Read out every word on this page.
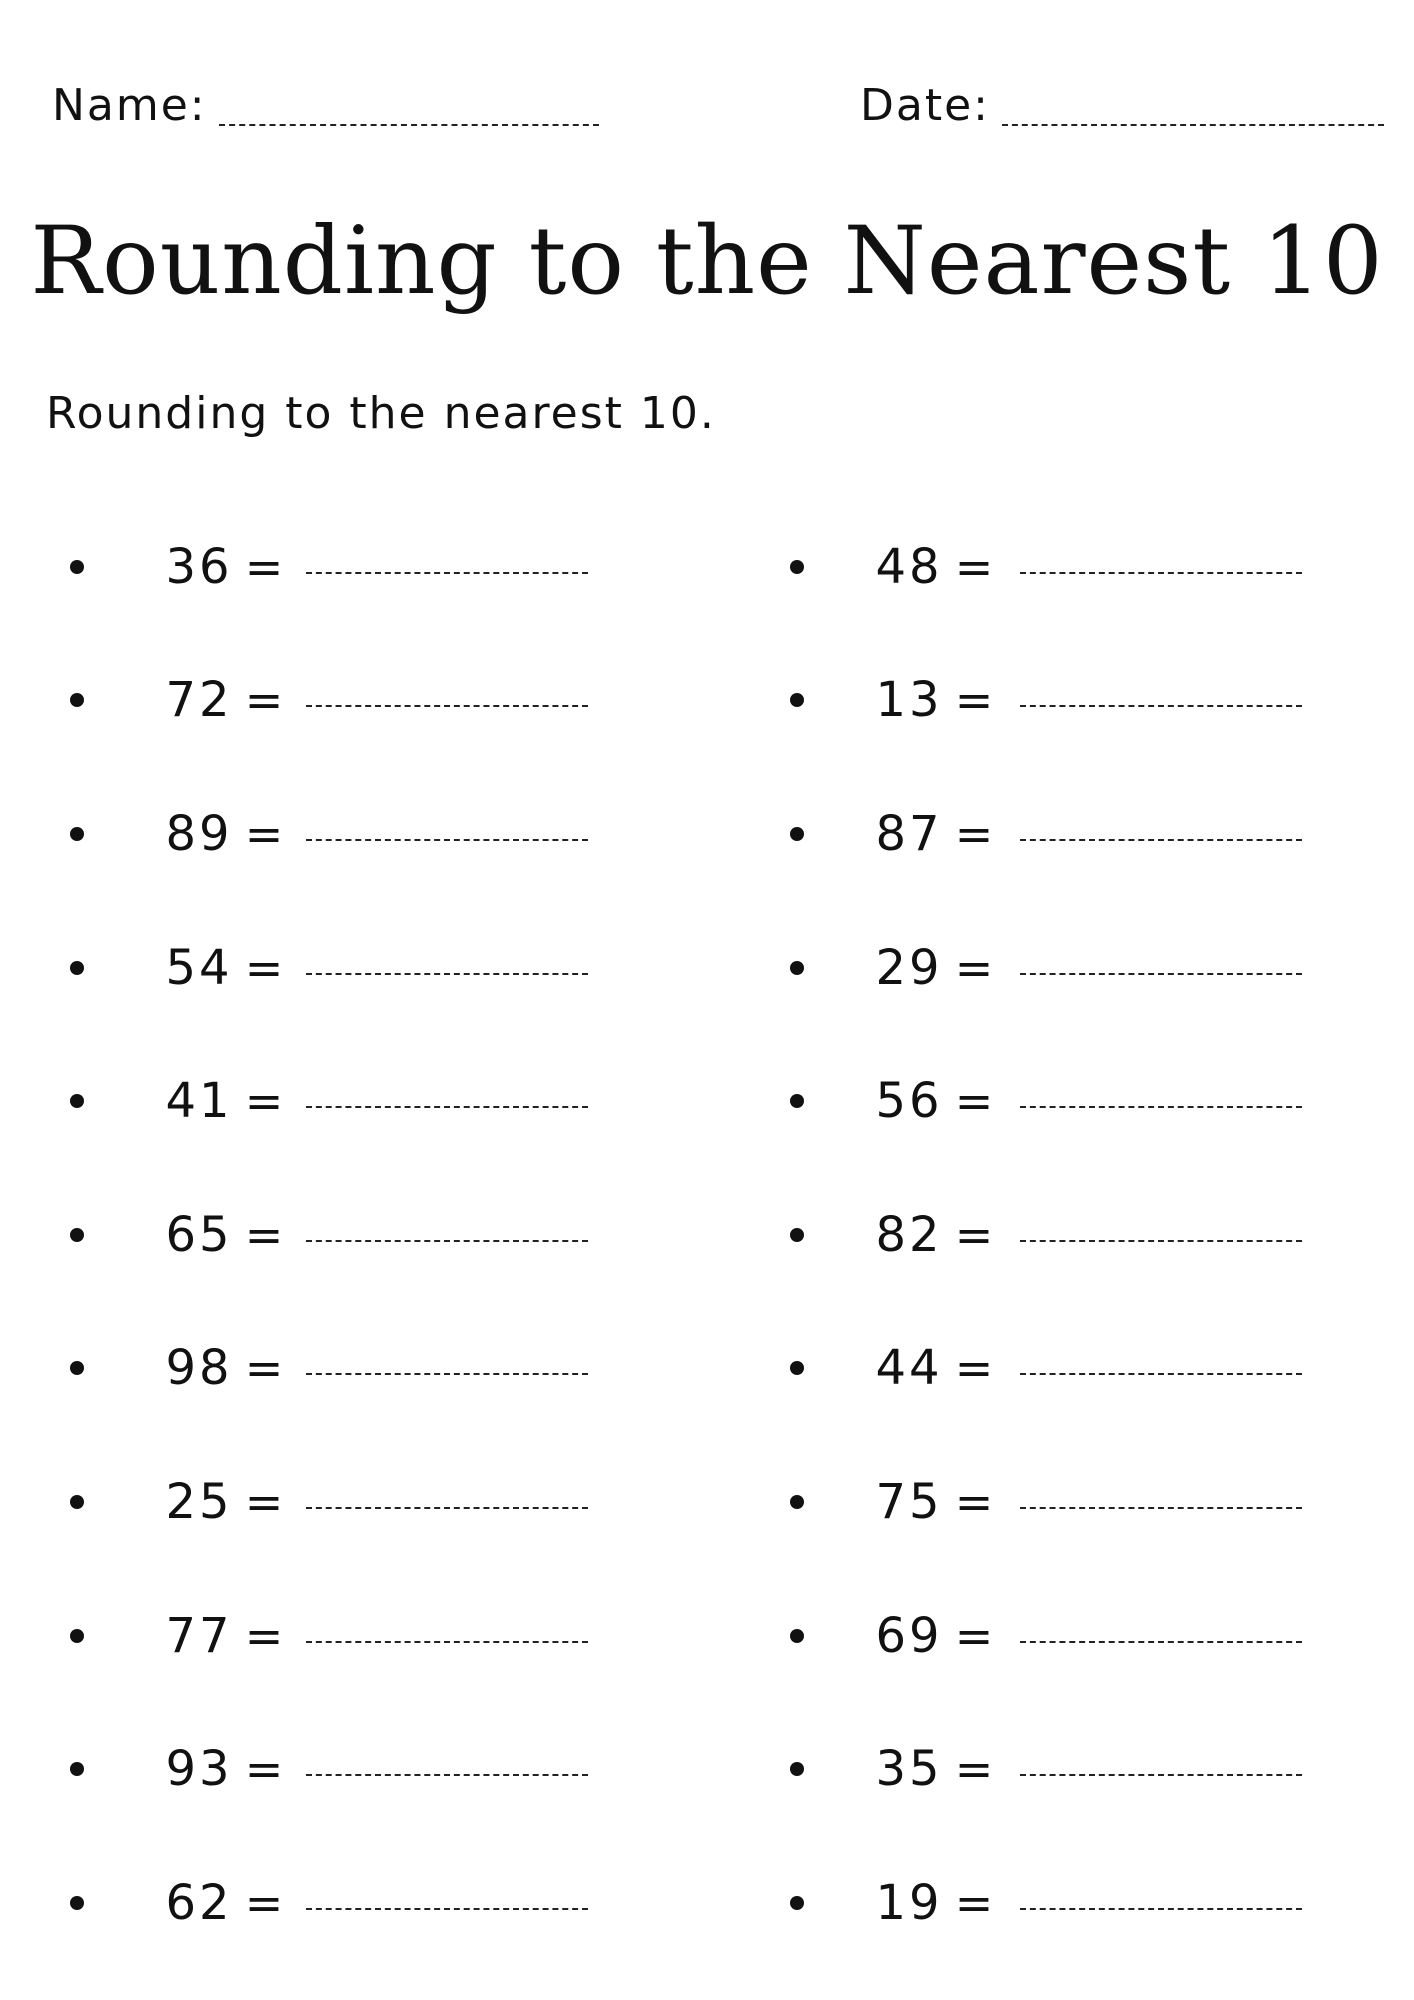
Name:	Date:
Rounding to the Nearest 10

Rounding to the nearest 10.

36 =
72 =
89 =
54 =
41 =
65 =
98 =
25 =
77 =
93 =
62 =
48 =
13 =
87 =
29 =
56 =
82 =
44 =
75 =
69 =
35 =
19 =
